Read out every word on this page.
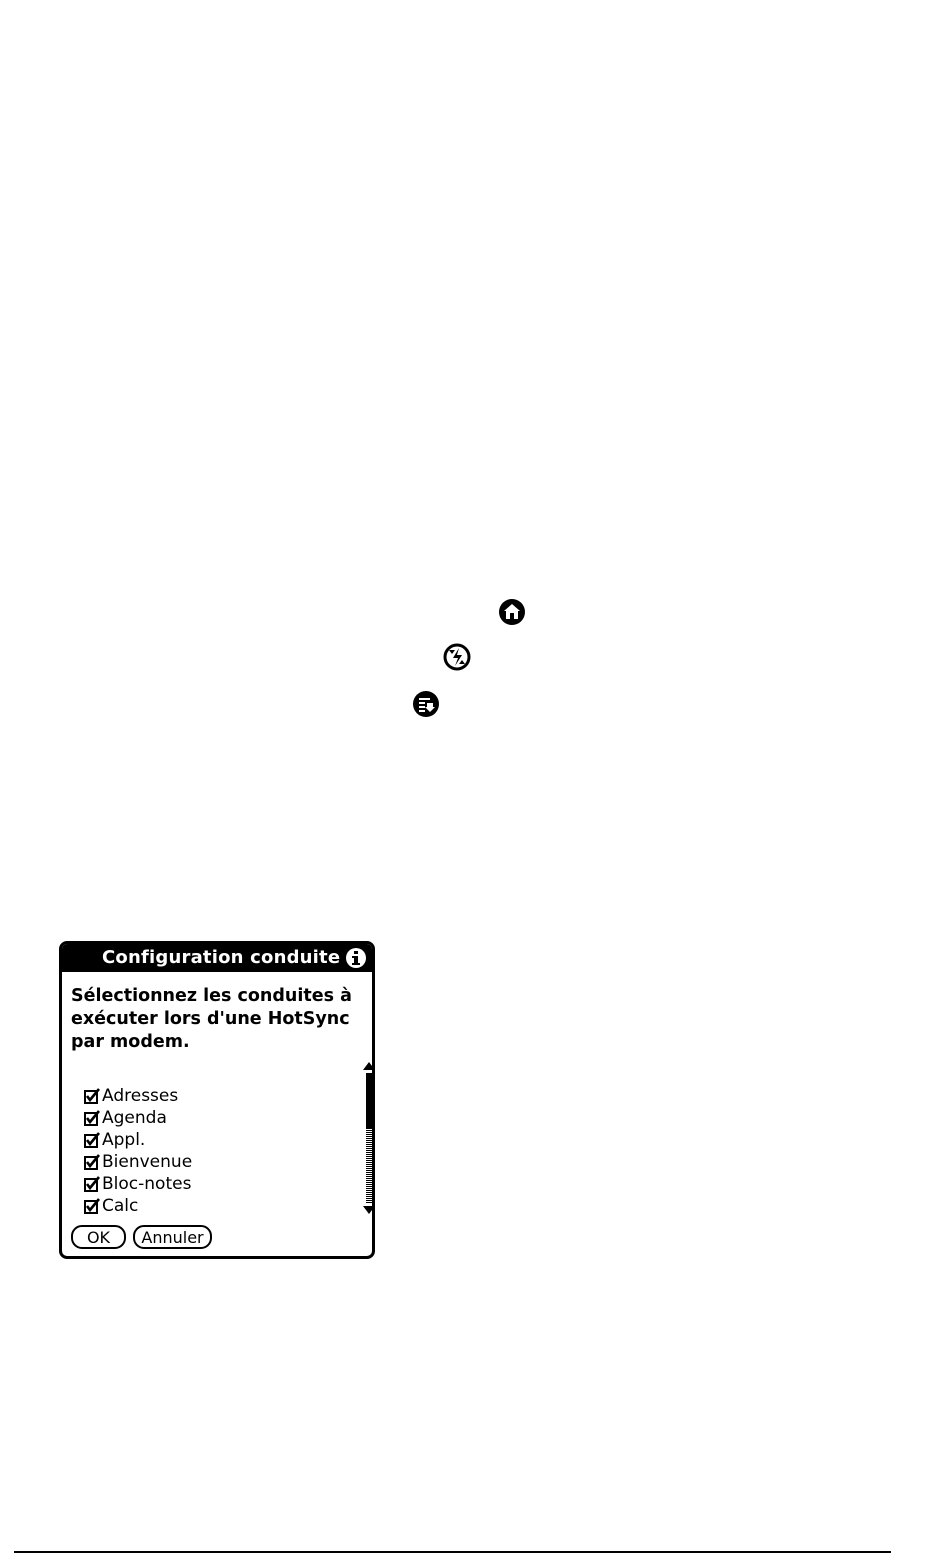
Configuration conduite
Sélectionnez les conduites à
exécuter lors d'une HotSync
par modem.
Adresses
Agenda
Appl.
Bienvenue
Bloc-notes
Calc
OK	Annuler
